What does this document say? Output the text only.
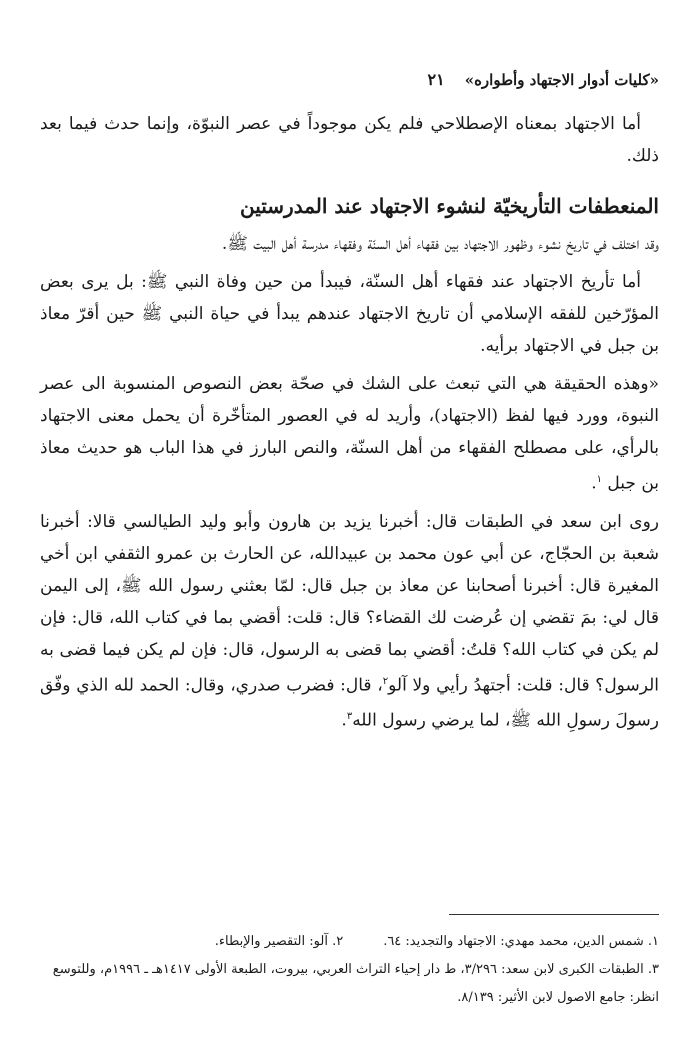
«كليات أدوار الاجتهاد وأطواره»
٢١

أما الاجتهاد بمعناه الإصطلاحي فلم يكن موجوداً في عصر النبوّة، وإنما حدث فيما بعد ذلك.

المنعطفات التأريخيّة لنشوء الاجتهاد عند المدرستين

وقد اختلف في تاريخ نشوء وظهور الاجتهاد بين فقهاء أهل السنّة وفقهاء مدرسة أهل البيت ﷺ.

أما تأريخ الاجتهاد عند فقهاء أهل السنّة، فيبدأ من حين وفاة النبي ﷺ: بل يرى بعض المؤرّخين للفقه الإسلامي أن تاريخ الاجتهاد عندهم يبدأ في حياة النبي ﷺ حين أقرّ معاذ بن جبل في الاجتهاد برأيه.

«وهذه الحقيقة هي التي تبعث على الشك في صحّة بعض النصوص المنسوبة الى عصر النبوة، وورد فيها لفظ (الاجتهاد)، وأريد له في العصور المتأخّرة أن يحمل معنى الاجتهاد بالرأي، على مصطلح الفقهاء من أهل السنّة، والنص البارز في هذا الباب هو حديث معاذ بن جبل $^١$.

روى ابن سعد في الطبقات قال: أخبرنا يزيد بن هارون وأبو وليد الطيالسي قالا: أخبرنا شعبة بن الحجّاج، عن أبي عون محمد بن عبيدالله، عن الحارث بن عمرو الثقفي ابن أخي المغيرة قال: أخبرنا أصحابنا عن معاذ بن جبل قال: لمّا بعثني رسول الله ﷺ، إلى اليمن قال لي: بمَ تقضي إن عُرضت لك القضاء؟ قال: قلت: أقضي بما في كتاب الله، قال: فإن لم يكن في كتاب الله؟ قلتُ: أقضي بما قضى به الرسول، قال: فإن لم يكن فيما قضى به الرسول؟ قال: قلت: أجتهدُ رأيي ولا آلو$^٢$، قال: فضرب صدري، وقال: الحمد لله الذي وفّق رسولَ رسولِ الله ﷺ، لما يرضي رسول الله$^٣$.

١. شمس الدين، محمد مهدي: الاجتهاد والتجديد: ٦٤.
٢. آلو: التقصير والإبطاء.
٣. الطبقات الكبرى لابن سعد: ٣/٢٩٦، ط دار إحياء التراث العربي، بيروت، الطبعة الأولى ١٤١٧هـ ـ ١٩٩٦م، وللتوسع انظر: جامع الاصول لابن الأثير: ٨/١٣٩.
